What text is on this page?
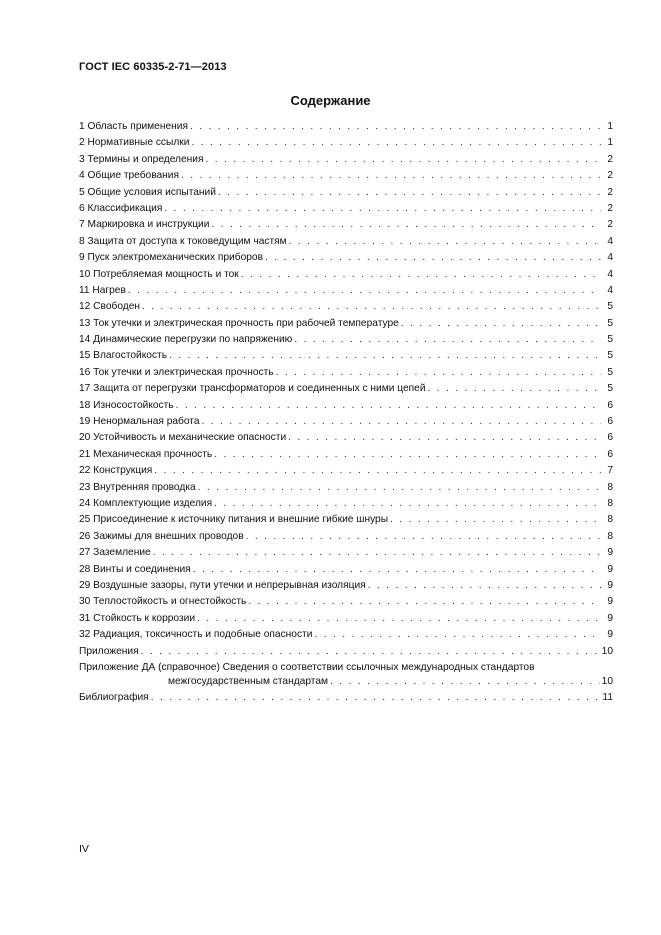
ГОСТ IEC 60335-2-71—2013
Содержание
1 Область применения . . .	1
2 Нормативные ссылки . . .	1
3 Термины и определения . . .	2
4 Общие требования . . .	2
5 Общие условия испытаний . . .	2
6 Классификация . . .	2
7 Маркировка и инструкции . . .	2
8 Защита от доступа к токоведущим частям . . .	4
9 Пуск электромеханических приборов . . .	4
10 Потребляемая мощность и ток . . .	4
11 Нагрев . . .	4
12 Свободен . . .	5
13 Ток утечки и электрическая прочность при рабочей температуре . . .	5
14 Динамические перегрузки по напряжению . . .	5
15 Влагостойкость . . .	5
16 Ток утечки и электрическая прочность . . .	5
17 Защита от перегрузки трансформаторов и соединенных с ними цепей . . .	5
18 Износостойкость . . .	6
19 Ненормальная работа . . .	6
20 Устойчивость и механические опасности . . .	6
21 Механическая прочность . . .	6
22 Конструкция . . .	7
23 Внутренняя проводка . . .	8
24 Комплектующие изделия . . .	8
25 Присоединение к источнику питания и внешние гибкие шнуры . . .	8
26 Зажимы для внешних проводов . . .	8
27 Заземление . . .	9
28 Винты и соединения . . .	9
29 Воздушные зазоры, пути утечки и непрерывная изоляция . . .	9
30 Теплостойкость и огнестойкость . . .	9
31 Стойкость к коррозии . . .	9
32 Радиация, токсичность и подобные опасности . . .	9
Приложения . . .	10
Приложение ДА (справочное) Сведения о соответствии ссылочных международных стандартов
межгосударственным стандартам . . .	10
Библиография . . .	11
IV
